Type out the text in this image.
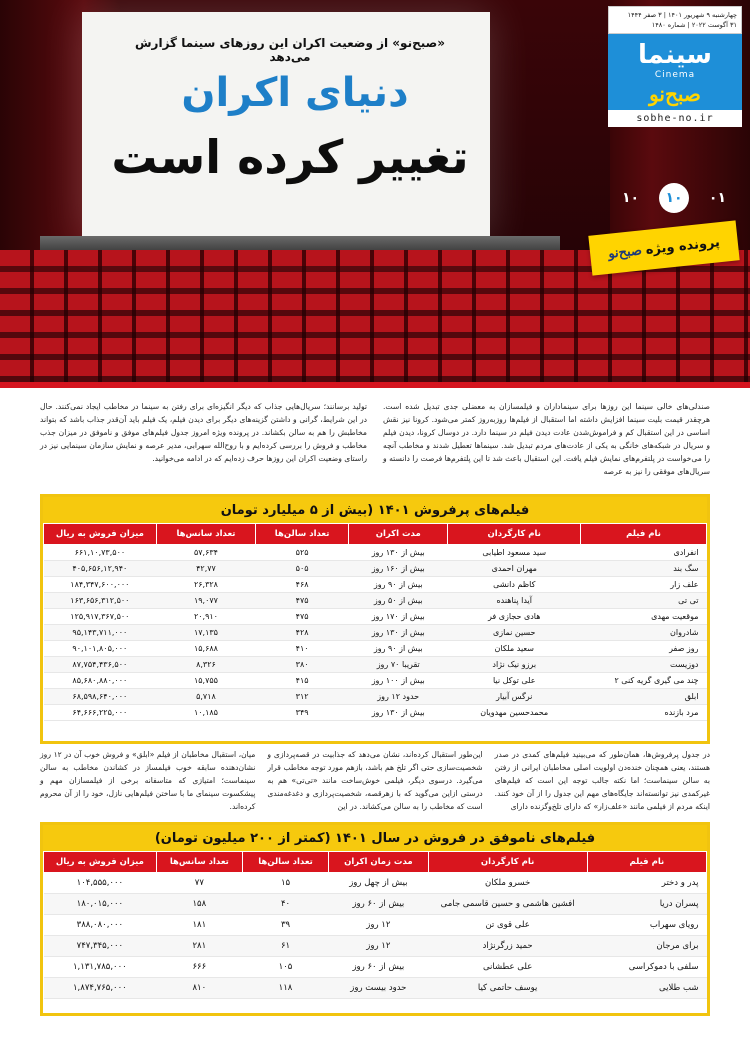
«صبح‌نو» از وضعیت اکران این روزهای سینما گزارش می‌دهد
دنیای اکران
تغییر کرده است
چهارشنبه ۹ شهریور ۱۴۰۱ | ۳ صفر ۱۴۴۴
۳۱ آگوست ۲۰۲۲ | شماره ۱۴۸۰
سینما
Cinema
صبح‌نو
sobhe-no.ir
۰۱
۱۰
۱۰
پرونده ویژه
صبح‌نو

صندلی‌های خالی سینما این روزها برای سینماداران و فیلمسازان به معضلی جدی تبدیل شده است. هرچقدر قیمت بلیت سینما افزایش داشته اما استقبال از فیلم‌ها روزبه‌روز کمتر می‌شود. کرونا نیز نقش اساسی در این استقبال کم و فراموش‌شدن عادت دیدن فیلم در سینما دارد. در دوسال کرونا، دیدن فیلم و سریال در شبکه‌های خانگی به یکی از عادت‌های مردم تبدیل شد. سینماها تعطیل شدند و مخاطب آنچه را می‌خواست در پلتفرم‌های نمایش فیلم یافت. این استقبال باعث شد تا این پلتفرم‌ها فرصت را دانسته و سریال‌های موفقی را نیز به عرصه

تولید برسانند؛ سریال‌هایی جذاب که دیگر انگیزه‌ای برای رفتن به سینما در مخاطب ایجاد نمی‌کنند. حال در این شرایط، گرانی و داشتن گزینه‌های دیگر برای دیدن فیلم، یک فیلم باید آن‌قدر جذاب باشد که بتواند مخاطبش را هم به سالن بکشاند. در پرونده ویژه امروز جدول فیلم‌های موفق و ناموفق در میزان جذب مخاطب و فروش را بررسی کرده‌ایم و با روح‌الله سهرابی، مدیر عرصه و نمایش سازمان سینمایی نیز در راستای وضعیت اکران این روزها حرف زده‌ایم که در ادامه می‌خوانید.

فیلم‌های پرفروش ۱۴۰۱ (بیش از ۵ میلیارد تومان
نام فیلم	نام کارگردان	مدت اکران	تعداد سالن‌ها	تعداد سانس‌ها	میزان فروش به ریال
انفرادی	سید مسعود اطیابی	بیش از ۱۳۰ روز	۵۲۵	۵۷,۶۳۴	۶۶۱,۱۰,۷۳,۵۰۰
سگ بند	مهران احمدی	بیش از ۱۶۰ روز	۵۰۵	۴۲,۷۷	۴۰۵,۶۵۶,۱۲,۹۴۰
علف زار	کاظم دانشی	بیش از ۹۰ روز	۴۶۸	۲۶,۳۲۸	۱۸۴,۳۴۷,۶۰۰,۰۰۰
تی تی	آیدا پناهنده	بیش از ۵۰ روز	۴۷۵	۱۹,۰۷۷	۱۶۳,۶۵۶,۳۱۲,۵۰۰
موقعیت مهدی	هادی حجازی فر	بیش از ۱۷۰ روز	۴۷۵	۲۰,۹۱۰	۱۲۵,۹۱۷,۳۶۷,۵۰۰
شادروان	حسین نمازی	بیش از ۱۳۰ روز	۴۲۸	۱۷,۱۳۵	۹۵,۱۴۳,۷۱۱,۰۰۰
روز صفر	سعید ملکان	بیش از ۹۰ روز	۴۱۰	۱۵,۶۸۸	۹۰,۱۰۱,۸۰۵,۰۰۰
دوزیست	برزو نیک نژاد	تقریبا ۷۰ روز	۳۸۰	۸,۳۲۶	۸۷,۷۵۴,۴۳۶,۵۰۰
چند می گیری گریه کنی ۲	علی توکل نیا	بیش از ۱۰۰ روز	۴۱۵	۱۵,۷۵۵	۸۵,۶۸۰,۸۸۰,۰۰۰
ابلق	نرگس آبیار	حدود ۱۲ روز	۳۱۲	۵,۷۱۸	۶۸,۵۹۸,۶۴۰,۰۰۰
مرد بازنده	محمدحسین مهدویان	بیش از ۱۳۰ روز	۳۴۹	۱۰,۱۸۵	۶۴,۶۶۶,۲۲۵,۰۰۰

در جدول پرفروش‌ها، همان‌طور که می‌بینید فیلم‌های کمدی در صدر هستند، یعنی همچنان خنده‌دن اولویت اصلی مخاطبان ایرانی از رفتن به سالن سینماست؛ اما نکته جالب توجه این است که فیلم‌های غیرکمدی نیز توانسته‌اند جایگاه‌های مهم این جدول را از آن خود کنند. اینکه مردم از فیلمی مانند «علف‌زار» که دارای تلخ‌وگزنده دارای

این‌طور استقبال کرده‌اند، نشان می‌دهد که جذابیت در قصه‌پردازی و شخصیت‌سازی حتی اگر تلخ هم باشد، بازهم مورد توجه مخاطب قرار می‌گیرد. درسوی دیگر، فیلمی خوش‌ساخت مانند «تی‌تی» هم به درستی ازاین می‌گوید که با زهرقصه، شخصیت‌پردازی و دغدغه‌مندی است که مخاطب را به سالن می‌کشاند. در این

میان، استقبال مخاطبان از فیلم «ابلق» و فروش خوب آن در ۱۲ روز نشان‌دهنده سابقه خوب فیلمساز در کشاندن مخاطب به سالن سینماست؛ امتیازی که متاسفانه برخی از فیلمسازان مهم و پیشکسوت سینمای ما با ساختن فیلم‌هایی نازل، خود را از آن محروم کرده‌اند.

فیلم‌های ناموفق در فروش در سال ۱۴۰۱ (کمتر از ۲۰۰ میلیون تومان)
نام فیلم	نام کارگردان	مدت زمان اکران	تعداد سالن‌ها	تعداد سانس‌ها	میزان فروش به ریال
پدر و دختر	خسرو ملکان	بیش از چهل روز	۱۵	۷۷	۱۰۴,۵۵۵,۰۰۰
پسران دریا	افشین هاشمی و حسین قاسمی جامی	بیش از ۶۰ روز	۴۰	۱۵۸	۱۸۰,۰۱۵,۰۰۰
رویای سهراب	علی قوی تن	۱۲ روز	۳۹	۱۸۱	۳۸۸,۰۸۰,۰۰۰
برای مرجان	حمید زرگرنژاد	۱۲ روز	۶۱	۲۸۱	۷۴۷,۳۴۵,۰۰۰
سلفی با دموکراسی	علی عطشانی	بیش از ۶۰ روز	۱۰۵	۶۶۶	۱,۱۳۱,۷۸۵,۰۰۰
شب طلایی	یوسف حاتمی کیا	حدود بیست روز	۱۱۸	۸۱۰	۱,۸۷۴,۷۶۵,۰۰۰
